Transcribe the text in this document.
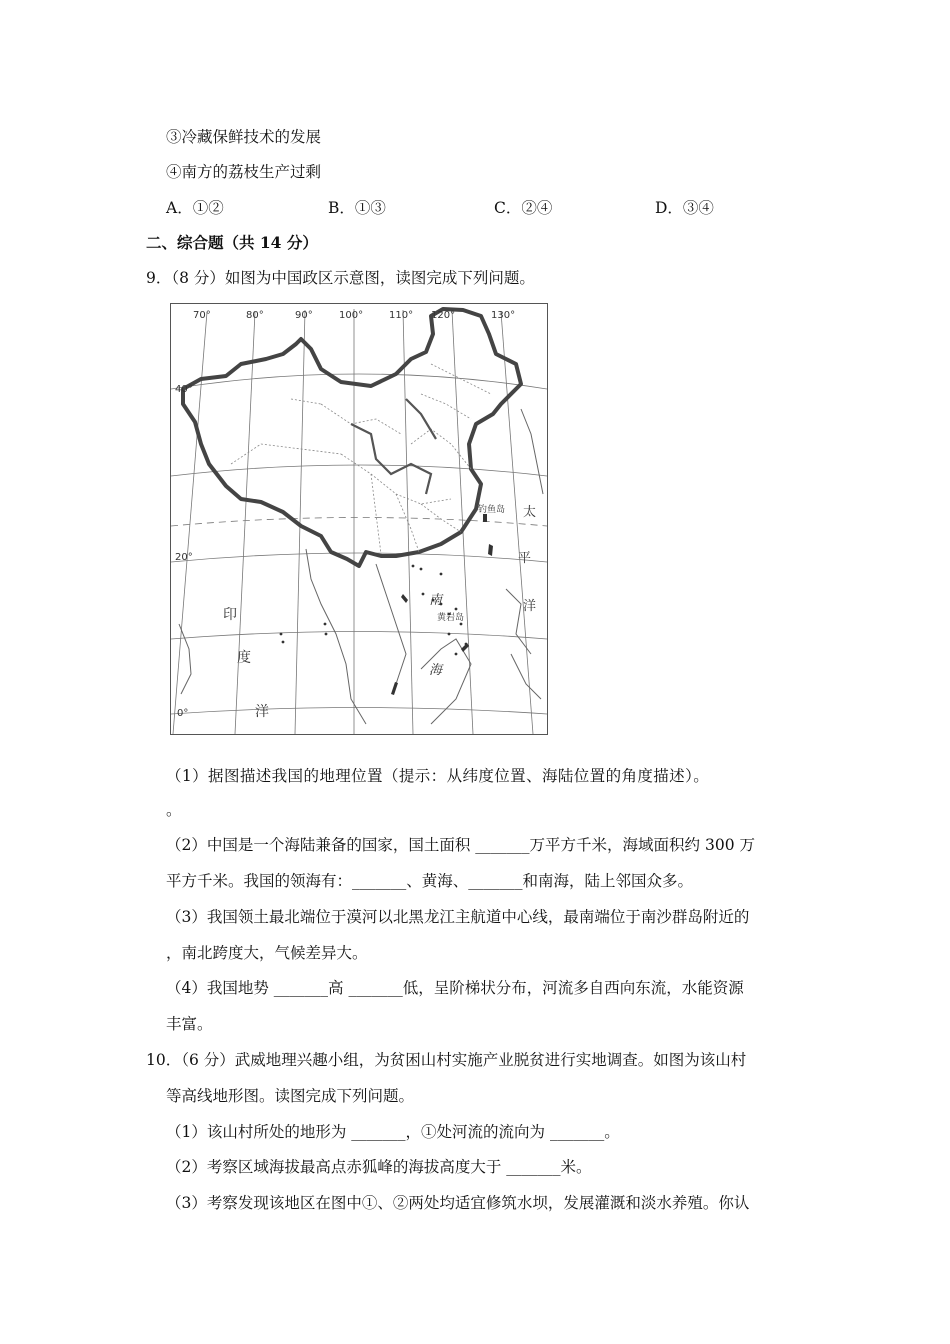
③冷藏保鲜技术的发展
④南方的荔枝生产过剩
A．①②	B．①③	C．②④	D．③④
二、综合题（共 14 分）
9．（8 分）如图为中国政区示意图，读图完成下列问题。
70°	80°	90°	100°	110° 120°	130°
40°
20°
0°
钓鱼岛 太
平
洋
南
黄岩岛
海
印
度
洋
（1）据图描述我国的地理位置（提示：从纬度位置、海陆位置的角度描述）。
。
（2）中国是一个海陆兼备的国家，国土面积 _______万平方千米，海域面积约 300 万
平方千米。我国的领海有：_______、黄海、_______和南海，陆上邻国众多。
（3）我国领土最北端位于漠河以北黑龙江主航道中心线，最南端位于南沙群岛附近的
，南北跨度大，气候差异大。
（4）我国地势 _______高 _______低，呈阶梯状分布，河流多自西向东流，水能资源
丰富。
10．（6 分）武威地理兴趣小组，为贫困山村实施产业脱贫进行实地调查。如图为该山村
等高线地形图。读图完成下列问题。
（1）该山村所处的地形为 _______，①处河流的流向为 _______。
（2）考察区域海拔最高点赤狐峰的海拔高度大于 _______米。
（3）考察发现该地区在图中①、②两处均适宜修筑水坝，发展灌溉和淡水养殖。你认
